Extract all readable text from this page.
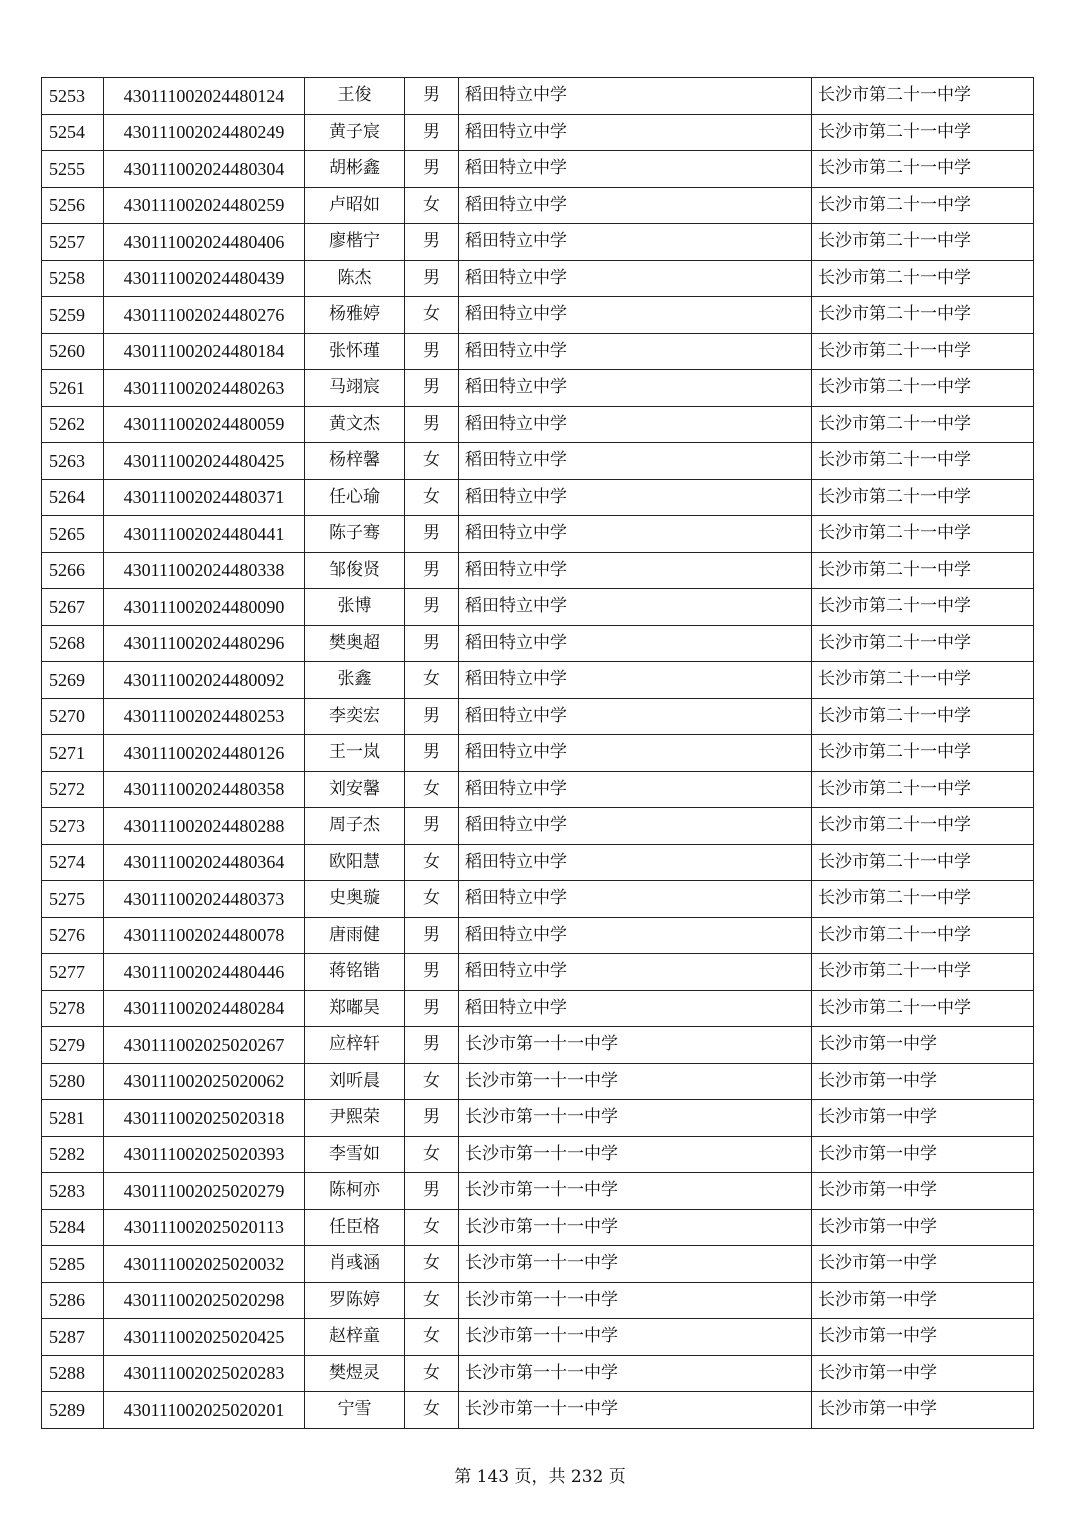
5253	430111002024480124	王俊	男	稻田特立中学	长沙市第二十一中学
5254	430111002024480249	黄子宸	男	稻田特立中学	长沙市第二十一中学
5255	430111002024480304	胡彬鑫	男	稻田特立中学	长沙市第二十一中学
5256	430111002024480259	卢昭如	女	稻田特立中学	长沙市第二十一中学
5257	430111002024480406	廖楷宁	男	稻田特立中学	长沙市第二十一中学
5258	430111002024480439	陈杰	男	稻田特立中学	长沙市第二十一中学
5259	430111002024480276	杨雅婷	女	稻田特立中学	长沙市第二十一中学
5260	430111002024480184	张怀瑾	男	稻田特立中学	长沙市第二十一中学
5261	430111002024480263	马翊宸	男	稻田特立中学	长沙市第二十一中学
5262	430111002024480059	黄文杰	男	稻田特立中学	长沙市第二十一中学
5263	430111002024480425	杨梓馨	女	稻田特立中学	长沙市第二十一中学
5264	430111002024480371	任心瑜	女	稻田特立中学	长沙市第二十一中学
5265	430111002024480441	陈子骞	男	稻田特立中学	长沙市第二十一中学
5266	430111002024480338	邹俊贤	男	稻田特立中学	长沙市第二十一中学
5267	430111002024480090	张博	男	稻田特立中学	长沙市第二十一中学
5268	430111002024480296	樊奥超	男	稻田特立中学	长沙市第二十一中学
5269	430111002024480092	张鑫	女	稻田特立中学	长沙市第二十一中学
5270	430111002024480253	李奕宏	男	稻田特立中学	长沙市第二十一中学
5271	430111002024480126	王一岚	男	稻田特立中学	长沙市第二十一中学
5272	430111002024480358	刘安馨	女	稻田特立中学	长沙市第二十一中学
5273	430111002024480288	周子杰	男	稻田特立中学	长沙市第二十一中学
5274	430111002024480364	欧阳慧	女	稻田特立中学	长沙市第二十一中学
5275	430111002024480373	史奥璇	女	稻田特立中学	长沙市第二十一中学
5276	430111002024480078	唐雨健	男	稻田特立中学	长沙市第二十一中学
5277	430111002024480446	蒋铭锴	男	稻田特立中学	长沙市第二十一中学
5278	430111002024480284	郑嘟昊	男	稻田特立中学	长沙市第二十一中学
5279	430111002025020267	应梓轩	男	长沙市第一十一中学	长沙市第一中学
5280	430111002025020062	刘听晨	女	长沙市第一十一中学	长沙市第一中学
5281	430111002025020318	尹熙荣	男	长沙市第一十一中学	长沙市第一中学
5282	430111002025020393	李雪如	女	长沙市第一十一中学	长沙市第一中学
5283	430111002025020279	陈柯亦	男	长沙市第一十一中学	长沙市第一中学
5284	430111002025020113	任臣格	女	长沙市第一十一中学	长沙市第一中学
5285	430111002025020032	肖彧涵	女	长沙市第一十一中学	长沙市第一中学
5286	430111002025020298	罗陈婷	女	长沙市第一十一中学	长沙市第一中学
5287	430111002025020425	赵梓童	女	长沙市第一十一中学	长沙市第一中学
5288	430111002025020283	樊煜灵	女	长沙市第一十一中学	长沙市第一中学
5289	430111002025020201	宁雪	女	长沙市第一十一中学	长沙市第一中学
第 143 页，共 232 页
